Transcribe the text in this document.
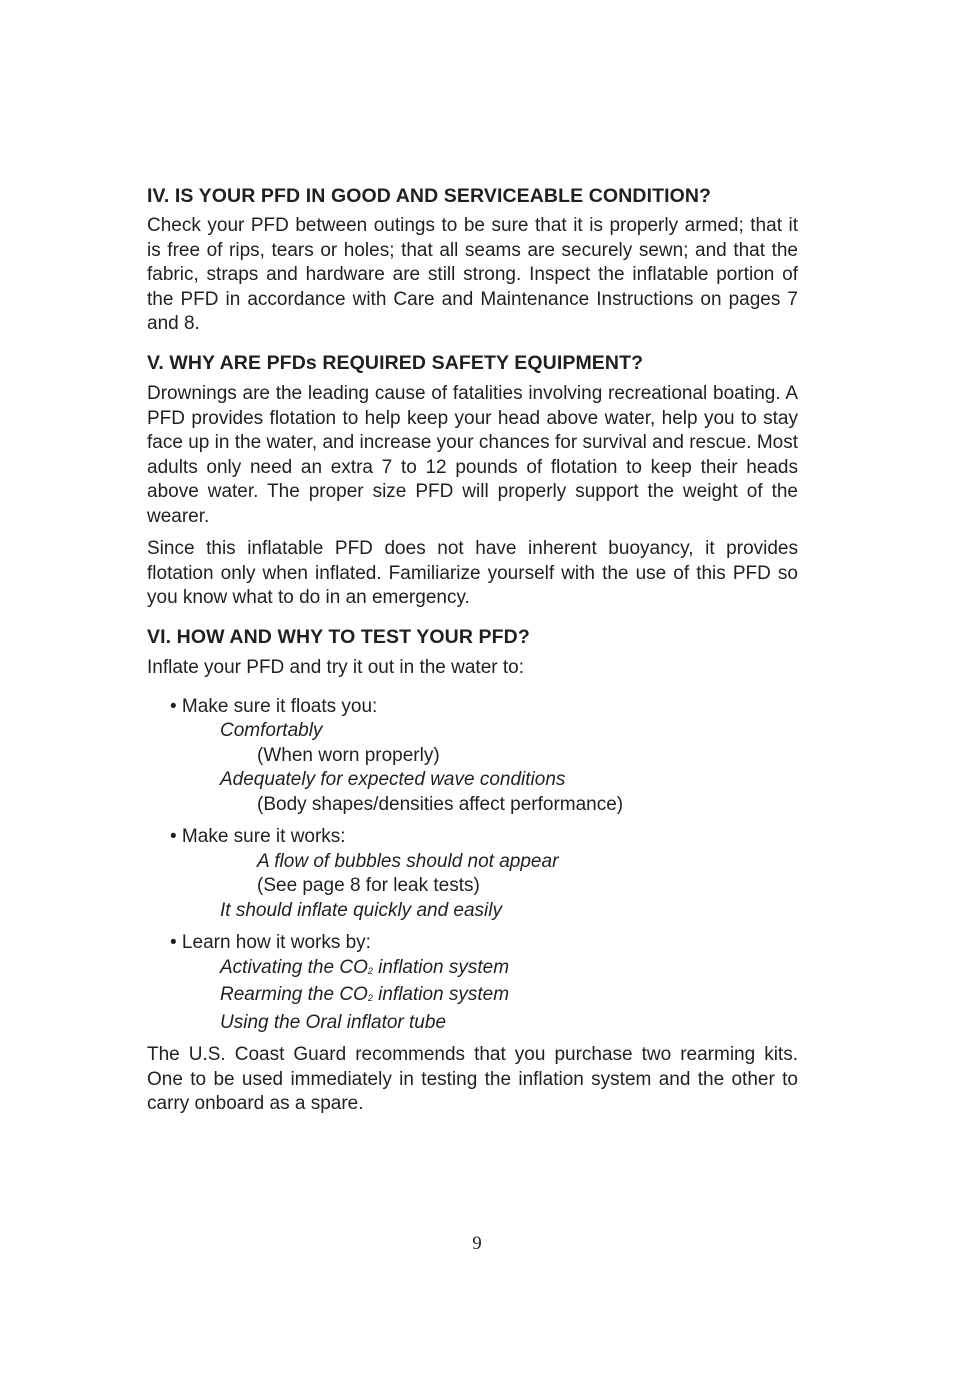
IV. IS YOUR PFD IN GOOD AND SERVICEABLE CONDITION?

Check your PFD between outings to be sure that it is properly armed; that it is free of rips, tears or holes; that all seams are securely sewn; and that the fabric, straps and hardware are still strong. Inspect the inflatable portion of the PFD in accordance with Care and Maintenance Instructions on pages 7 and 8.

V. WHY ARE PFDs REQUIRED SAFETY EQUIPMENT?

Drownings are the leading cause of fatalities involving recreational boating. A PFD provides flotation to help keep your head above water, help you to stay face up in the water, and increase your chances for survival and rescue. Most adults only need an extra 7 to 12 pounds of flotation to keep their heads above water. The proper size PFD will properly support the weight of the wearer.

Since this inflatable PFD does not have inherent buoyancy, it provides flotation only when inflated. Familiarize yourself with the use of this PFD so you know what to do in an emergency.

VI. HOW AND WHY TO TEST YOUR PFD?

Inflate your PFD and try it out in the water to:

• Make sure it floats you:
Comfortably
(When worn properly)
Adequately for expected wave conditions
(Body shapes/densities affect performance)
• Make sure it works:
A flow of bubbles should not appear
(See page 8 for leak tests)
It should inflate quickly and easily
• Learn how it works by:
Activating the $CO_2$ inflation system
Rearming the $CO_2$ inflation system
Using the Oral inflator tube

The U.S. Coast Guard recommends that you purchase two rearming kits. One to be used immediately in testing the inflation system and the other to carry onboard as a spare.

9
